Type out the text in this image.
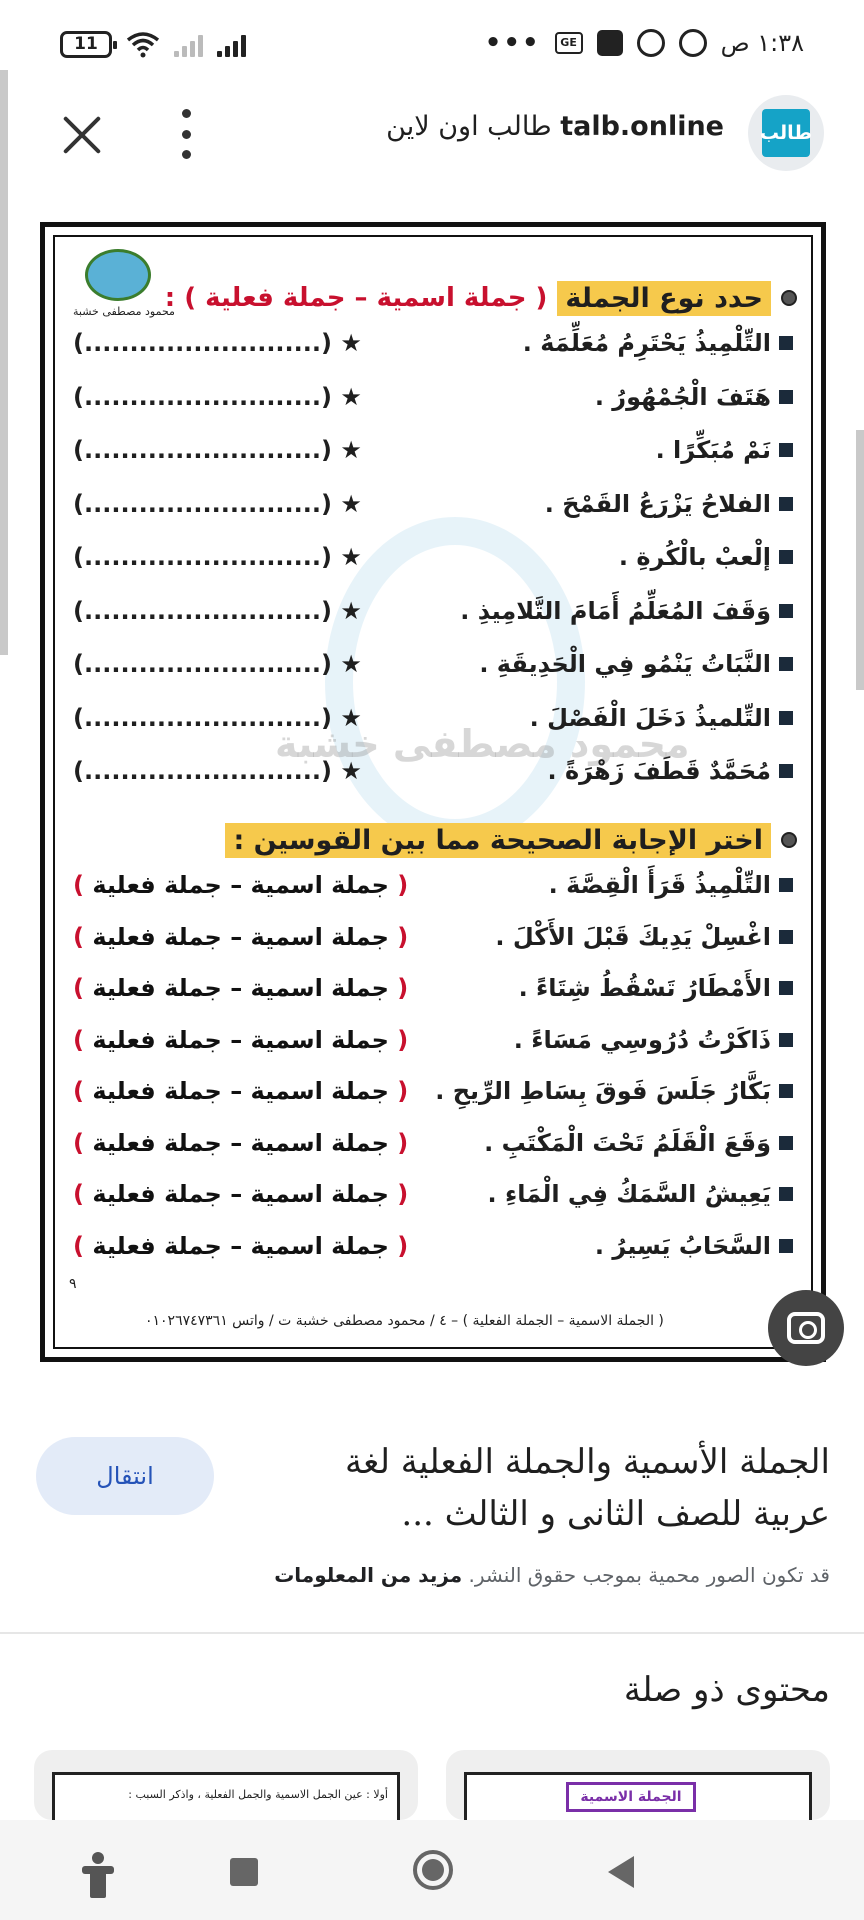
11	•••	GE	١:٣٨ ص
talb.online طالب اون لاين	طالب
محمود مصطفى خشبة
محمود مصطفى خشبة	حدد نوع الجملة
( جملة اسمية – جملة فعلية ) :
التِّلْمِيذُ يَحْتَرِمُ مُعَلِّمَهُ .
(..........................) ★
هَتَفَ الْجُمْهُورُ .
(..........................) ★
نَمْ مُبَكِّرًا .
(..........................) ★
الفلاحُ يَزْرَعُ القَمْحَ .
(..........................) ★
إلْعبْ بالْكُرةِ .
(..........................) ★
وَقَفَ المُعَلِّمُ أَمَامَ التَّلامِيذِ .
(..........................) ★
النَّبَاتُ يَنْمُو فِي الْحَدِيقَةِ .
(..........................) ★
التِّلميذُ دَخَلَ الْفَصْلَ .
(..........................) ★
مُحَمَّدٌ قَطَفَ زَهْرَةً .
(..........................) ★
اختر الإجابة الصحيحة مما بين القوسين :
التِّلْمِيذُ قَرَأَ الْقِصَّةَ .
( جملة اسمية – جملة فعلية )
اغْسِلْ يَدِيكَ قَبْلَ الأَكْلَ .
( جملة اسمية – جملة فعلية )
الأَمْطَارُ تَسْقُطُ شِتَاءً .
( جملة اسمية – جملة فعلية )
ذَاكَرْتُ دُرُوسِي مَسَاءً .
( جملة اسمية – جملة فعلية )
بَكَّارُ جَلَسَ فَوقَ بِسَاطِ الرِّيحِ .
( جملة اسمية – جملة فعلية )
وَقَعَ الْقَلَمُ تَحْتَ الْمَكْتَبِ .
( جملة اسمية – جملة فعلية )
يَعِيشُ السَّمَكُ فِي الْمَاءِ .
( جملة اسمية – جملة فعلية )
السَّحَابُ يَسِيرُ .
( جملة اسمية – جملة فعلية )
٩
( الجملة الاسمية – الجملة الفعلية ) – ٤ / محمود مصطفى خشبة ت / واتس ٠١٠٢٦٧٤٧٣٦١
الجملة الأسمية والجملة الفعلية لغة عربية للصف الثانى و الثالث ...
انتقال
قد تكون الصور محمية بموجب حقوق النشر. مزيد من المعلومات
محتوى ذو صلة
الجملة الاسمية
أولا : عين الجمل الاسمية والجمل الفعلية ، واذكر السبب :
